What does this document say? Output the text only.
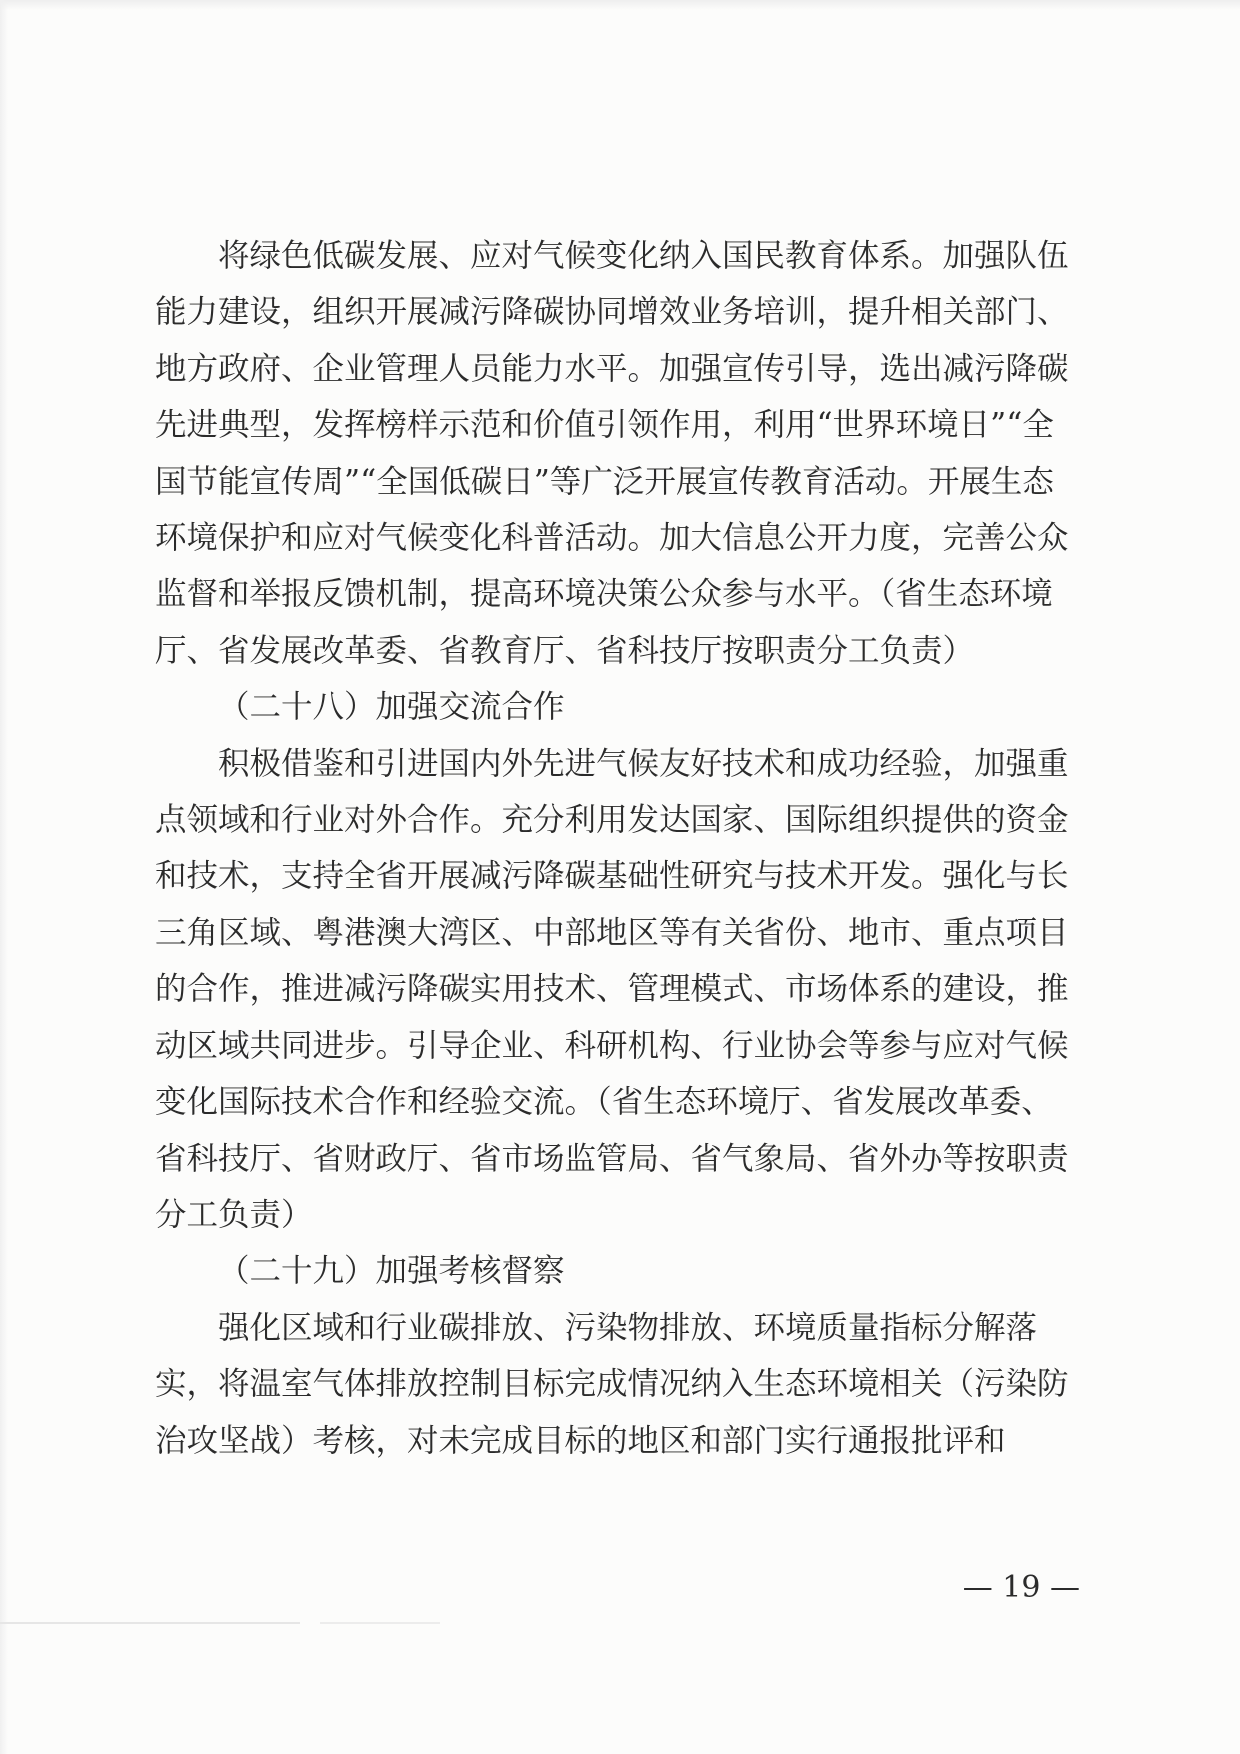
将绿色低碳发展、应对气候变化纳入国民教育体系。加强队伍能力建设，组织开展减污降碳协同增效业务培训，提升相关部门、地方政府、企业管理人员能力水平。加强宣传引导，选出减污降碳先进典型，发挥榜样示范和价值引领作用，利用“世界环境日”“全国节能宣传周”“全国低碳日”等广泛开展宣传教育活动。开展生态环境保护和应对气候变化科普活动。加大信息公开力度，完善公众监督和举报反馈机制，提高环境决策公众参与水平。（省生态环境厅、省发展改革委、省教育厅、省科技厅按职责分工负责）

（二十八）加强交流合作

积极借鉴和引进国内外先进气候友好技术和成功经验，加强重点领域和行业对外合作。充分利用发达国家、国际组织提供的资金和技术，支持全省开展减污降碳基础性研究与技术开发。强化与长三角区域、粤港澳大湾区、中部地区等有关省份、地市、重点项目的合作，推进减污降碳实用技术、管理模式、市场体系的建设，推动区域共同进步。引导企业、科研机构、行业协会等参与应对气候变化国际技术合作和经验交流。（省生态环境厅、省发展改革委、省科技厅、省财政厅、省市场监管局、省气象局、省外办等按职责分工负责）

（二十九）加强考核督察

强化区域和行业碳排放、污染物排放、环境质量指标分解落实，将温室气体排放控制目标完成情况纳入生态环境相关（污染防治攻坚战）考核，对未完成目标的地区和部门实行通报批评和

— 19 —
